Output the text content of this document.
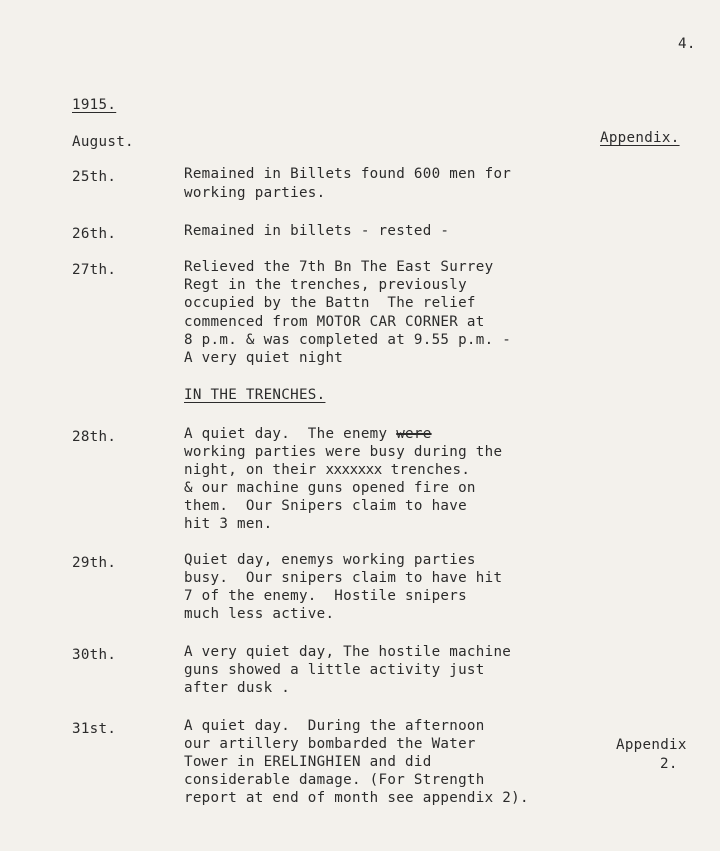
4.

1915.

August.	Appendix.

25th.	Remained in Billets found 600 men for

working parties.

26th.	Remained in billets - rested -

27th.	Relieved the 7th Bn The East Surrey

Regt in the trenches, previously

occupied by the Battn  The relief

commenced from MOTOR CAR CORNER at

8 p.m. & was completed at 9.55 p.m. -

A very quiet night

IN THE TRENCHES.

28th.	A quiet day.  The enemy were

working parties were busy during the

night, on their xxxxxxx trenches.

& our machine guns opened fire on

them.  Our Snipers claim to have

hit 3 men.

29th.	Quiet day, enemys working parties

busy.  Our snipers claim to have hit

7 of the enemy.  Hostile snipers

much less active.

30th.	A very quiet day, The hostile machine

guns showed a little activity just

after dusk .

31st.	A quiet day.  During the afternoon

our artillery bombarded the Water

Tower in ERELINGHIEN and did

considerable damage. (For Strength

report at end of month see appendix 2).

Appendix

2.
